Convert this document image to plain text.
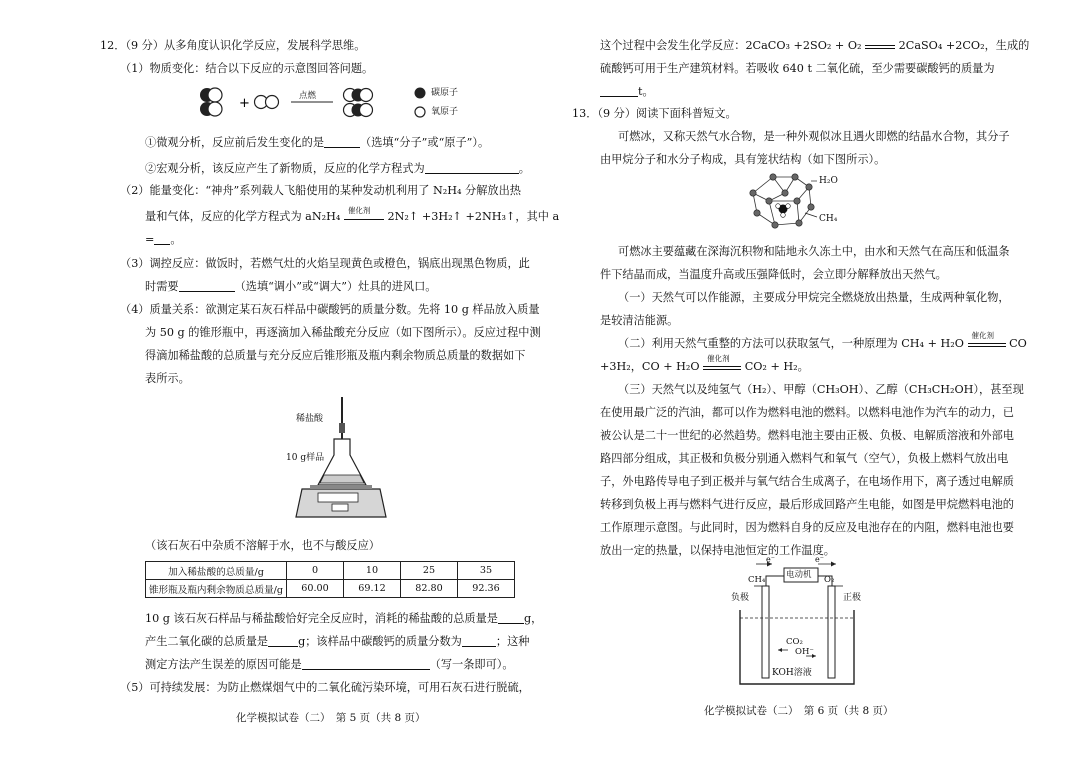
12．（9 分）从多角度认识化学反应，发展科学思维。
（1）物质变化：结合以下反应的示意图回答问题。
+	点燃	碳原子
氧原子
①微观分析，反应前后发生变化的是	（选填“分子”或“原子”）。
②宏观分析，该反应产生了新物质，反应的化学方程式为	。
（2）能量变化：“神舟”系列载人飞船使用的某种发动机利用了 N₂H₄ 分解放出热
量和气体，反应的化学方程式为 aN₂H₄ 催化剂 2N₂↑ +3H₂↑ +2NH₃↑，其中 a
= 。
（3）调控反应：做饭时，若燃气灶的火焰呈现黄色或橙色，锅底出现黑色物质，此
时需要	（选填“调小”或“调大”）灶具的进风口。
（4）质量关系：欲测定某石灰石样品中碳酸钙的质量分数。先将 10 g 样品放入质量
为 50 g 的锥形瓶中，再逐滴加入稀盐酸充分反应（如下图所示）。反应过程中测
得滴加稀盐酸的总质量与充分反应后锥形瓶及瓶内剩余物质总质量的数据如下
表所示。
稀盐酸
10 g样品
（该石灰石中杂质不溶解于水，也不与酸反应）
加入稀盐酸的总质量/g	0	10	25	35
锥形瓶及瓶内剩余物质总质量/g	60.00	69.12	82.80	92.36
10 g 该石灰石样品与稀盐酸恰好完全反应时，消耗的稀盐酸的总质量是 g，
产生二氧化碳的总质量是	g；该样品中碳酸钙的质量分数为	；这种
测定方法产生误差的原因可能是	（写一条即可）。
（5）可持续发展：为防止燃煤烟气中的二氧化硫污染环境，可用石灰石进行脱硫，
化学模拟试卷（二）　第 5 页（共 8 页）
这个过程中会发生化学反应：2CaCO₃ +2SO₂ + O₂	2CaSO₄ +2CO₂，生成的
硫酸钙可用于生产建筑材料。若吸收 640 t 二氧化硫，至少需要碳酸钙的质量为
t。
13．（9 分）阅读下面科普短文。
可燃冰，又称天然气水合物，是一种外观似冰且遇火即燃的结晶水合物，其分子
由甲烷分子和水分子构成，具有笼状结构（如下图所示）。
H₂O
CH₄
可燃冰主要蕴藏在深海沉积物和陆地永久冻土中，由水和天然气在高压和低温条
件下结晶而成，当温度升高或压强降低时，会立即分解释放出天然气。
（一）天然气可以作能源，主要成分甲烷完全燃烧放出热量，生成两种氧化物，
是较清洁能源。
（二）利用天然气重整的方法可以获取氢气，一种原理为 CH₄ + H₂O
催化剂
CO
+3H₂，CO + H₂O
催化剂
CO₂ + H₂。
（三）天然气以及纯氢气（H₂）、甲醇（CH₃OH）、乙醇（CH₃CH₂OH），甚至现
在使用最广泛的汽油，都可以作为燃料电池的燃料。以燃料电池作为汽车的动力，已
被公认是二十一世纪的必然趋势。燃料电池主要由正极、负极、电解质溶液和外部电
路四部分组成，其正极和负极分别通入燃料气和氧气（空气），负极上燃料气放出电
子，外电路传导电子到正极并与氧气结合生成离子，在电场作用下，离子透过电解质
转移到负极上再与燃料气进行反应，最后形成回路产生电能，如图是甲烷燃料电池的
工作原理示意图。与此同时，因为燃料自身的反应及电池存在的内阻，燃料电池也要
放出一定的热量，以保持电池恒定的工作温度。
e⁻	e⁻
电动机
CH₄	O₂
负极	正极
CO₂
OH⁻
KOH溶液
化学模拟试卷（二）　第 6 页（共 8 页）
